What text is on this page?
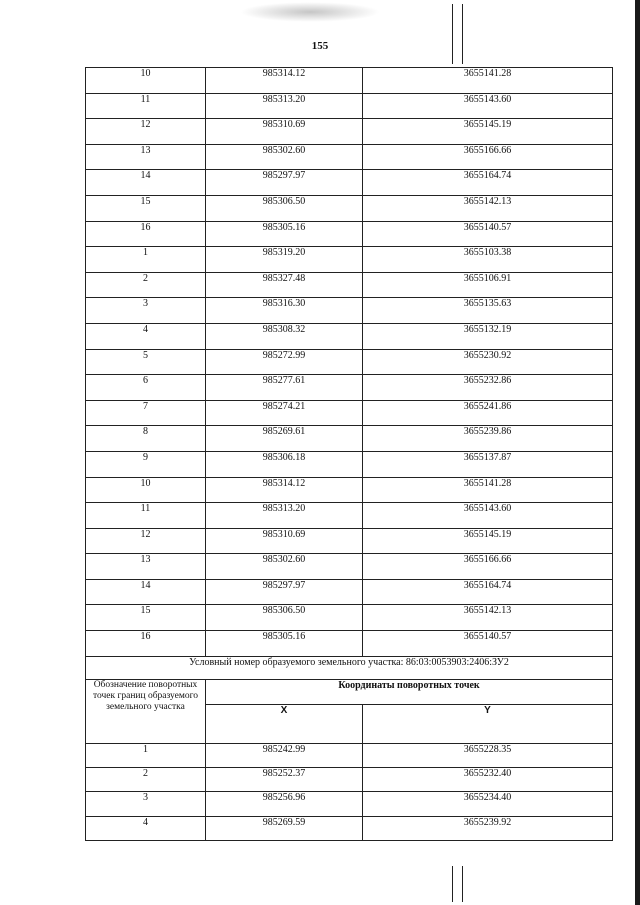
155
10	985314.12	3655141.28
11	985313.20	3655143.60
12	985310.69	3655145.19
13	985302.60	3655166.66
14	985297.97	3655164.74
15	985306.50	3655142.13
16	985305.16	3655140.57
1	985319.20	3655103.38
2	985327.48	3655106.91
3	985316.30	3655135.63
4	985308.32	3655132.19
5	985272.99	3655230.92
6	985277.61	3655232.86
7	985274.21	3655241.86
8	985269.61	3655239.86
9	985306.18	3655137.87
10	985314.12	3655141.28
11	985313.20	3655143.60
12	985310.69	3655145.19
13	985302.60	3655166.66
14	985297.97	3655164.74
15	985306.50	3655142.13
16	985305.16	3655140.57
Условный номер образуемого земельного участка: 86:03:0053903:2406:ЗУ2		
Обозначение поворотных точек границ образуемого земельного участка	Координаты поворотных точек	
	X	Y
1	985242.99	3655228.35
2	985252.37	3655232.40
3	985256.96	3655234.40
4	985269.59	3655239.92
